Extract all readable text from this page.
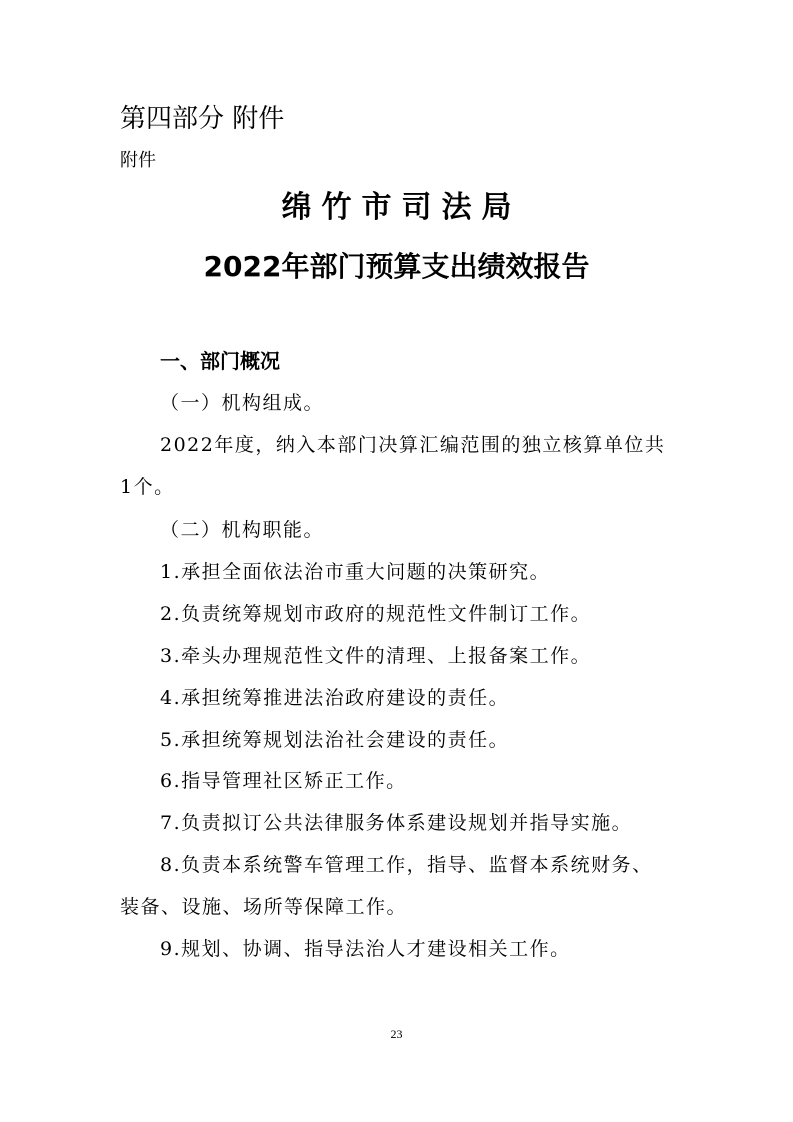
第四部分 附件
附件
绵竹市司法局
2022年部门预算支出绩效报告
一、部门概况
（一）机构组成。
2022年度，纳入本部门决算汇编范围的独立核算单位共
1个。
（二）机构职能。
1.承担全面依法治市重大问题的决策研究。
2.负责统筹规划市政府的规范性文件制订工作。
3.牵头办理规范性文件的清理、上报备案工作。
4.承担统筹推进法治政府建设的责任。
5.承担统筹规划法治社会建设的责任。
6.指导管理社区矫正工作。
7.负责拟订公共法律服务体系建设规划并指导实施。
8.负责本系统警车管理工作，指导、监督本系统财务、
装备、设施、场所等保障工作。
9.规划、协调、指导法治人才建设相关工作。
23
